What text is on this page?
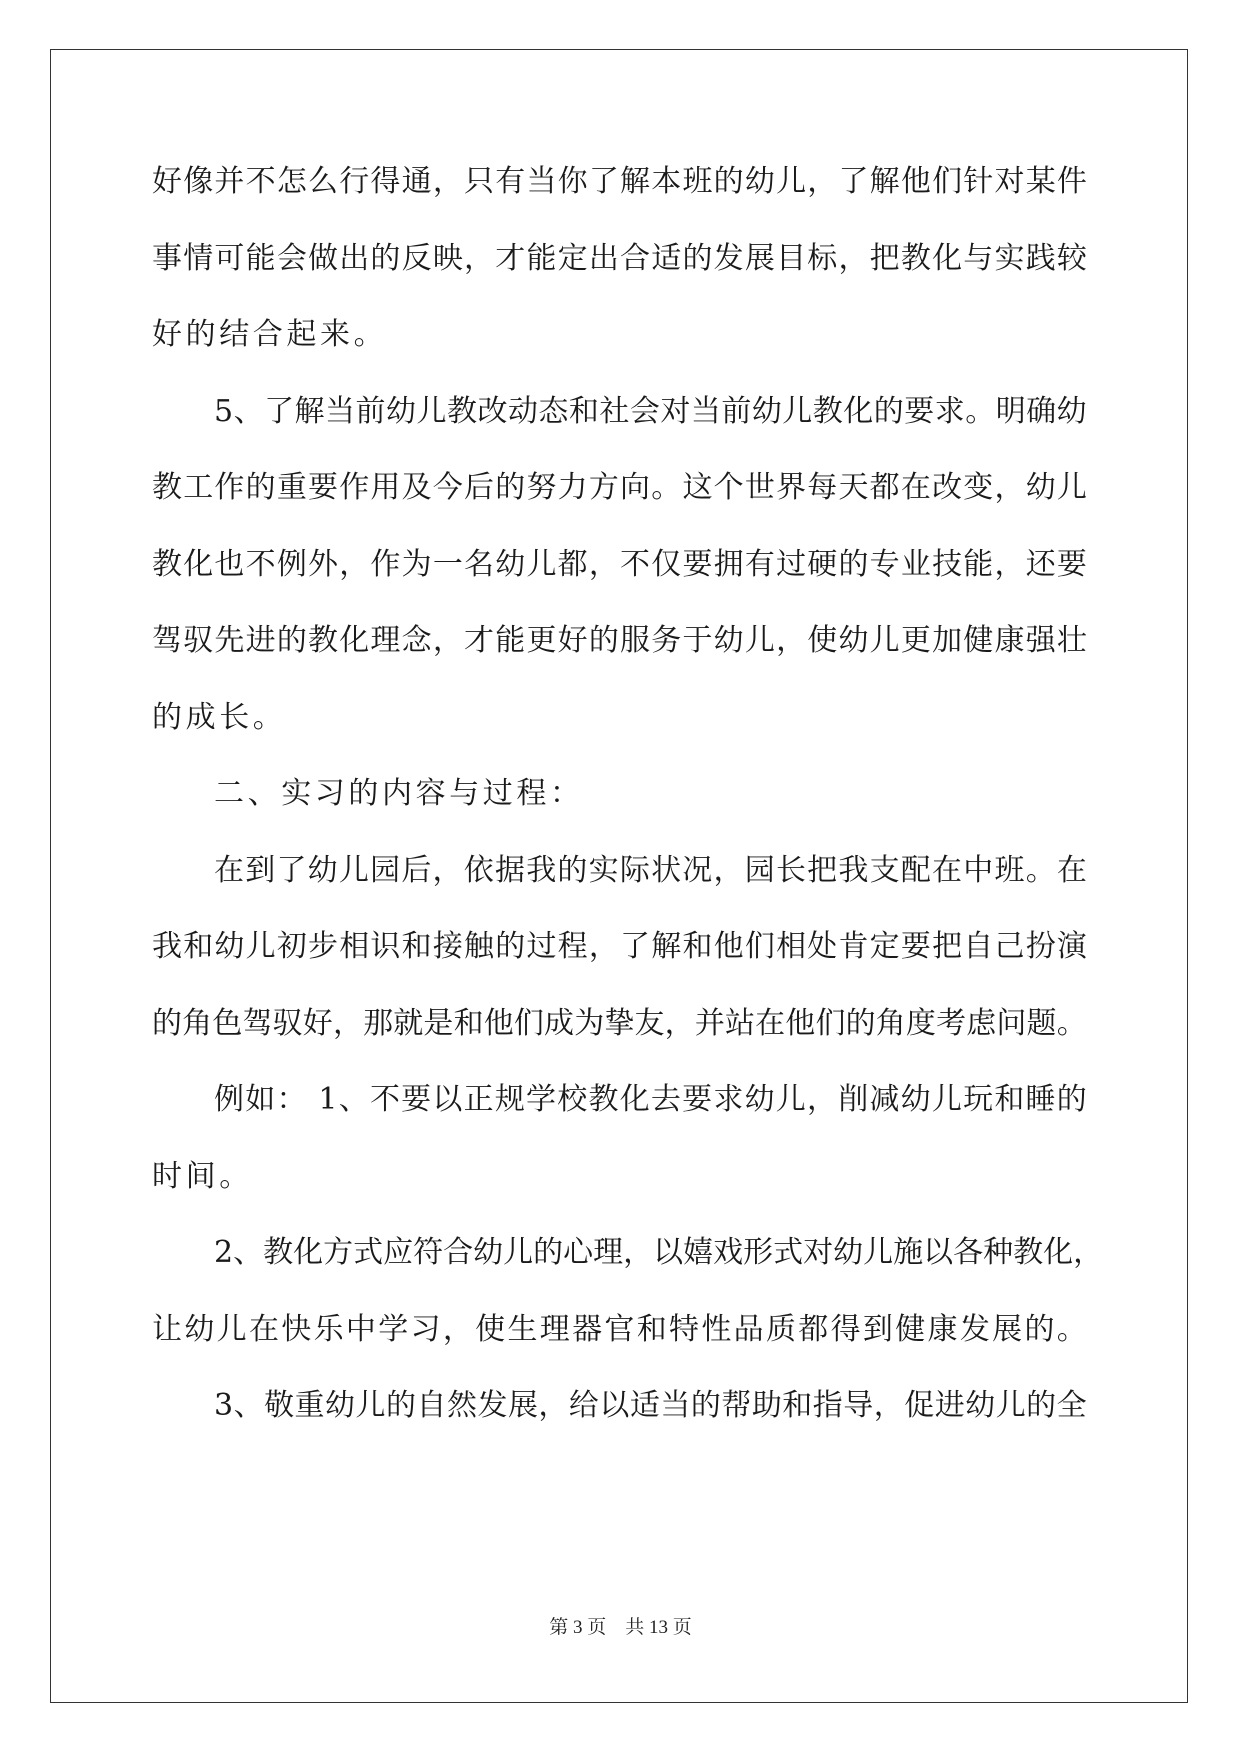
好 像 并 不 怎 么 行 得 通 ， 只 有 当 你 了 解 本 班 的 幼 儿 ， 了 解 他 们 针 对 某 件
事 情 可 能 会 做 出 的 反 映 ， 才 能 定 出 合 适 的 发 展 目 标 ， 把 教 化 与 实 践 较
好的结合起来。
5 、 了 解 当 前 幼 儿 教 改 动 态 和 社 会 对 当 前 幼 儿 教 化 的 要 求 。 明 确 幼
教 工 作 的 重 要 作 用 及 今 后 的 努 力 方 向 。 这 个 世 界 每 天 都 在 改 变 ， 幼 儿
教 化 也 不 例 外 ， 作 为 一 名 幼 儿 都 ， 不 仅 要 拥 有 过 硬 的 专 业 技 能 ， 还 要
驾 驭 先 进 的 教 化 理 念 ， 才 能 更 好 的 服 务 于 幼 儿 ， 使 幼 儿 更 加 健 康 强 壮
的成长。
二、实习的内容与过程：
在 到 了 幼 儿 园 后 ， 依 据 我 的 实 际 状 况 ， 园 长 把 我 支 配 在 中 班 。 在
我 和 幼 儿 初 步 相 识 和 接 触 的 过 程 ， 了 解 和 他 们 相 处 肯 定 要 把 自 己 扮 演
的 角 色 驾 驭 好 ， 那 就 是 和 他 们 成 为 挚 友 ， 并 站 在 他 们 的 角 度 考 虑 问 题 。
例 如 ：
1 、 不 要 以 正 规 学 校 教 化 去 要 求 幼 儿 ， 削 减 幼 儿 玩 和 睡 的
时间。
2 、 教 化 方 式 应 符 合 幼 儿 的 心 理 ， 以 嬉 戏 形 式 对 幼 儿 施 以 各 种 教 化 ，
让 幼 儿 在 快 乐 中 学 习 ， 使 生 理 器 官 和 特 性 品 质 都 得 到 健 康 发 展 的 。
3 、 敬 重 幼 儿 的 自 然 发 展 ， 给 以 适 当 的 帮 助 和 指 导 ， 促 进 幼 儿 的 全
第 3 页 共 13 页
